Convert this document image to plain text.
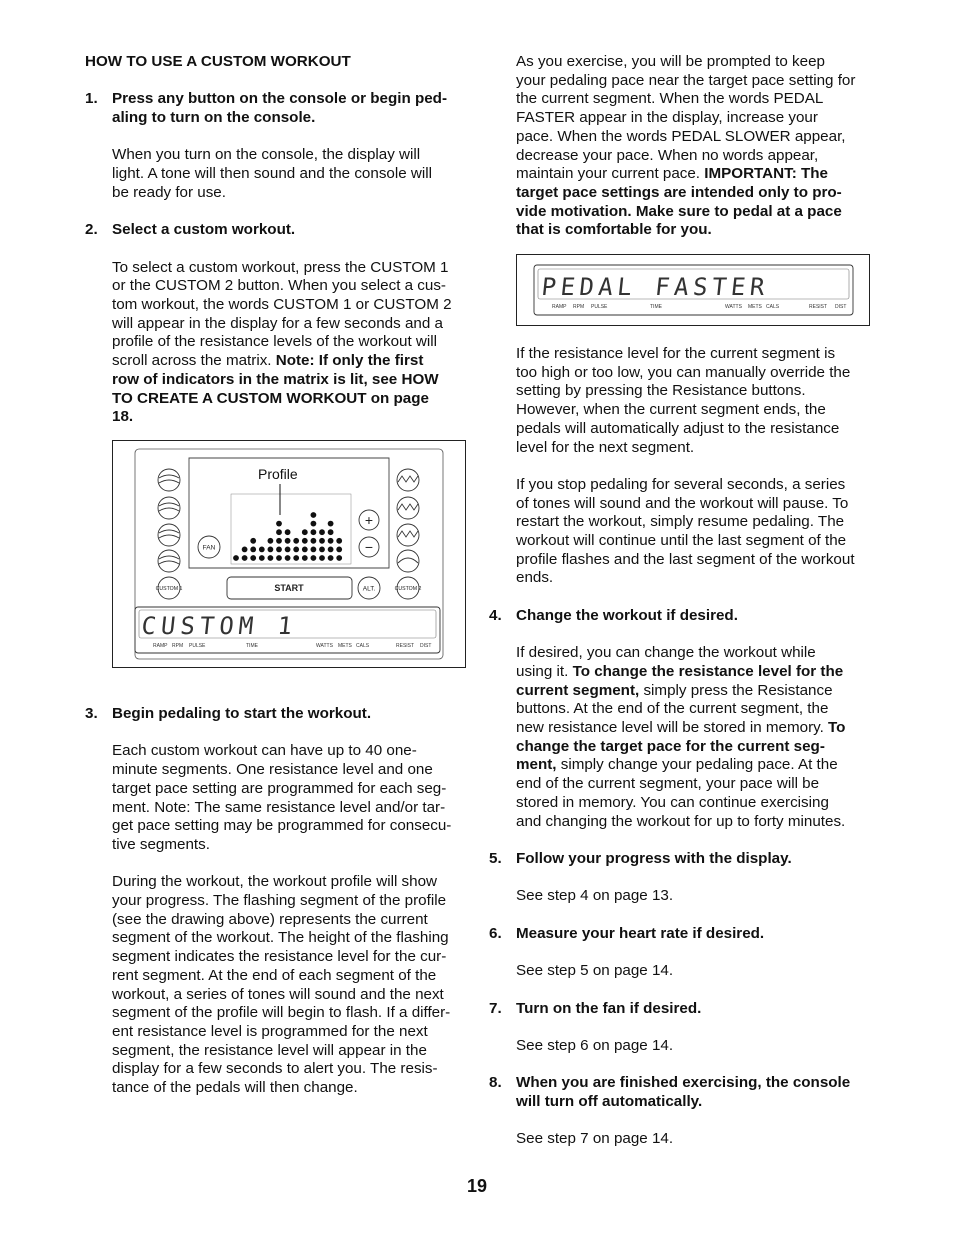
HOW TO USE A CUSTOM WORKOUT

1. Press any button on the console or begin ped-
aling to turn on the console.

When you turn on the console, the display will

light. A tone will then sound and the console will

be ready for use.

2. Select a custom workout.

To select a custom workout, press the CUSTOM 1

or the CUSTOM 2 button. When you select a cus-

tom workout, the words CUSTOM 1 or CUSTOM 2

will appear in the display for a few seconds and a

profile of the resistance levels of the workout will

scroll across the matrix. Note: If only the first

row of indicators in the matrix is lit, see HOW

TO CREATE A CUSTOM WORKOUT on page

18.

Profile
FAN
+
−
CUSTOM 1	START	ALT.	CUSTOM 2
CUSTOM 1
RAMP RPM PULSE	TIME	WATTS METS CALS	RESIST DIST
3. Begin pedaling to start the workout.

Each custom workout can have up to 40 one-

minute segments. One resistance level and one

target pace setting are programmed for each seg-

ment. Note: The same resistance level and/or tar-

get pace setting may be programmed for consecu-

tive segments.

During the workout, the workout profile will show

your progress. The flashing segment of the profile

(see the drawing above) represents the current

segment of the workout. The height of the flashing

segment indicates the resistance level for the cur-

rent segment. At the end of each segment of the

workout, a series of tones will sound and the next

segment of the profile will begin to flash. If a differ-

ent resistance level is programmed for the next

segment, the resistance level will appear in the

display for a few seconds to alert you. The resis-

tance of the pedals will then change.

As you exercise, you will be prompted to keep

your pedaling pace near the target pace setting for

the current segment. When the words PEDAL

FASTER appear in the display, increase your

pace. When the words PEDAL SLOWER appear,

decrease your pace. When no words appear,

maintain your current pace. IMPORTANT: The

target pace settings are intended only to pro-

vide motivation. Make sure to pedal at a pace

that is comfortable for you.

PEDAL FASTER
RAMP RPM PULSE	TIME	WATTS METS CALS	RESIST DIST

If the resistance level for the current segment is

too high or too low, you can manually override the

setting by pressing the Resistance buttons.

However, when the current segment ends, the

pedals will automatically adjust to the resistance

level for the next segment.

If you stop pedaling for several seconds, a series

of tones will sound and the workout will pause. To

restart the workout, simply resume pedaling. The

workout will continue until the last segment of the

profile flashes and the last segment of the workout

ends.

4. Change the workout if desired.

If desired, you can change the workout while

using it. To change the resistance level for the

current segment, simply press the Resistance

buttons. At the end of the current segment, the

new resistance level will be stored in memory. To

change the target pace for the current seg-

ment, simply change your pedaling pace. At the

end of the current segment, your pace will be

stored in memory. You can continue exercising

and changing the workout for up to forty minutes.

5. Follow your progress with the display.

See step 4 on page 13.

6. Measure your heart rate if desired.

See step 5 on page 14.

7. Turn on the fan if desired.

See step 6 on page 14.

8. When you are finished exercising, the console
will turn off automatically.

See step 7 on page 14.

19
